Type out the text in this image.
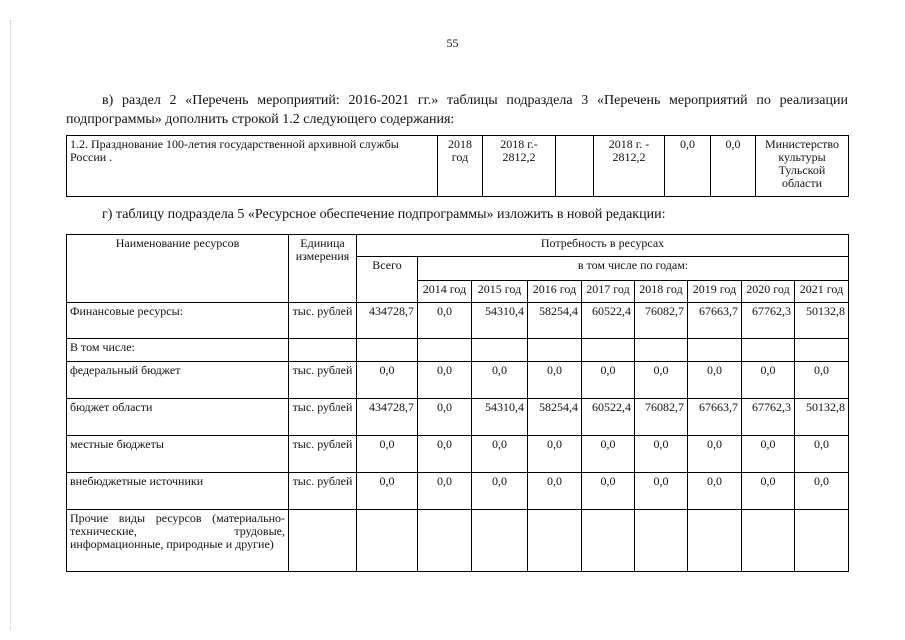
55
в) раздел 2 «Перечень мероприятий: 2016-2021 гг.» таблицы подраздела 3 «Перечень мероприятий по реализации подпрограммы» дополнить строкой 1.2 следующего содержания:
1.2. Празднование 100-летия государственной архивной службы России .	2018 год	2018 г.- 2812,2		2018 г. - 2812,2	0,0	0,0	Министерство культуры Тульской области
г) таблицу подраздела 5 «Ресурсное обеспечение подпрограммы» изложить в новой редакции:
Наименование ресурсов	Единица измерения	Потребность в ресурсах								
		Всего	в том числе по годам:							
			2014 год	2015 год	2016 год	2017 год	2018 год	2019 год	2020 год	2021 год
Финансовые ресурсы:	тыс. рублей	434728,7	0,0	54310,4	58254,4	60522,4	76082,7	67663,7	67762,3	50132,8
В том числе:										
федеральный бюджет	тыс. рублей	0,0	0,0	0,0	0,0	0,0	0,0	0,0	0,0	0,0
бюджет области	тыс. рублей	434728,7	0,0	54310,4	58254,4	60522,4	76082,7	67663,7	67762,3	50132,8
местные бюджеты	тыс. рублей	0,0	0,0	0,0	0,0	0,0	0,0	0,0	0,0	0,0
внебюджетные источники	тыс. рублей	0,0	0,0	0,0	0,0	0,0	0,0	0,0	0,0	0,0
Прочие виды ресурсов (материально-технические, трудовые, информационные, природные и другие)										
